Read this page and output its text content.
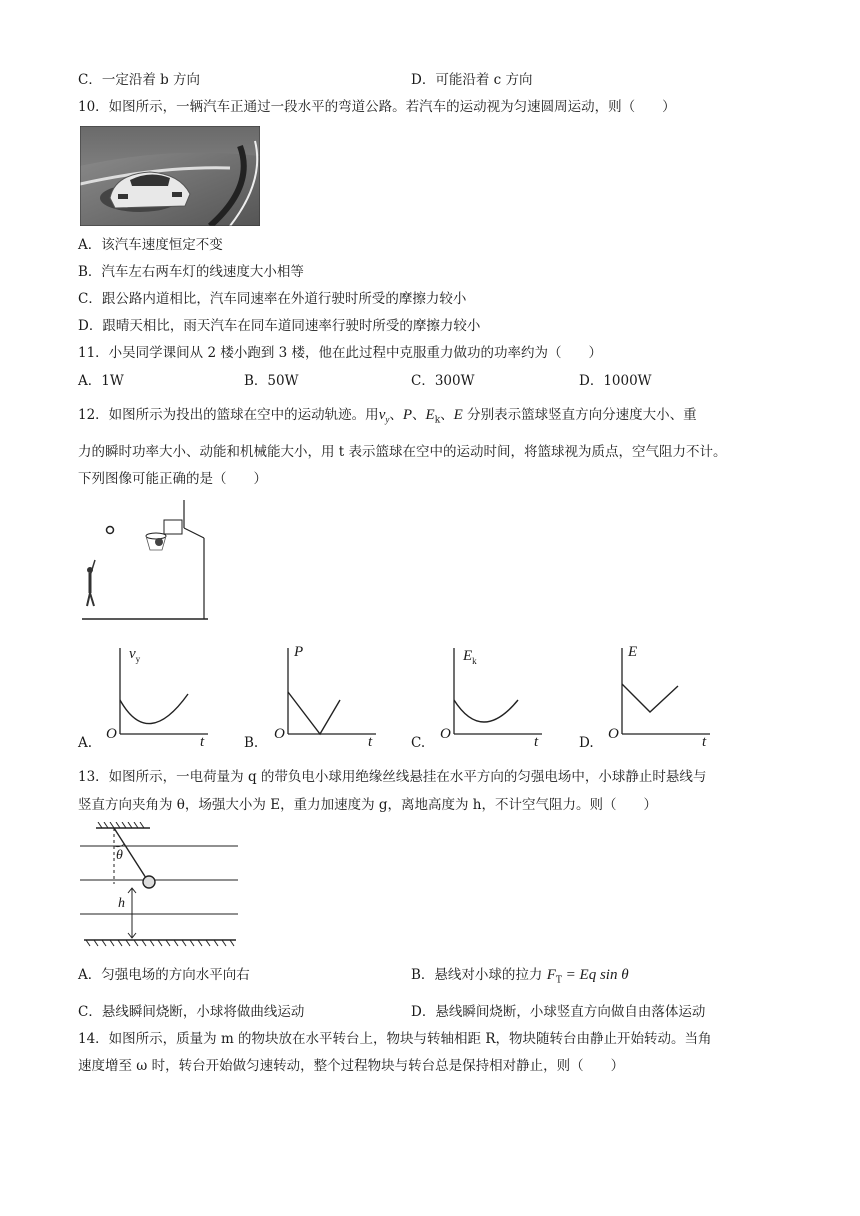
C．一定沿着 b 方向	D．可能沿着 c 方向
10．如图所示，一辆汽车正通过一段水平的弯道公路。若汽车的运动视为匀速圆周运动，则（　　）
A．该汽车速度恒定不变
B．汽车左右两车灯的线速度大小相等
C．跟公路内道相比，汽车同速率在外道行驶时所受的摩擦力较小
D．跟晴天相比，雨天汽车在同车道同速率行驶时所受的摩擦力较小
11．小吴同学课间从 2 楼小跑到 3 楼，他在此过程中克服重力做功的功率约为（　　）
A．1W	B．50W	C．300W	D．1000W
12．如图所示为投出的篮球在空中的运动轨迹。用$v_y$、P、$E_k$、E 分别表示篮球竖直方向分速度大小、重
力的瞬时功率大小、动能和机械能大小，用 t 表示篮球在空中的运动时间，将篮球视为质点，空气阻力不计。
下列图像可能正确的是（　　）
$v_y$
O	t
A.
P
O	t
B.
$E_k$
O	t
C.
E
O	t
D.
13．如图所示，一电荷量为 q 的带负电小球用绝缘丝线悬挂在水平方向的匀强电场中，小球静止时悬线与
竖直方向夹角为 θ，场强大小为 E，重力加速度为 g，离地高度为 h，不计空气阻力。则（　　）
θ
h
A．匀强电场的方向水平向右	B．悬线对小球的拉力 $F_T = Eq$ sin θ
C．悬线瞬间烧断，小球将做曲线运动	D．悬线瞬间烧断，小球竖直方向做自由落体运动
14．如图所示，质量为 m 的物块放在水平转台上，物块与转轴相距 R，物块随转台由静止开始转动。当角
速度增至 ω 时，转台开始做匀速转动，整个过程物块与转台总是保持相对静止，则（　　）
